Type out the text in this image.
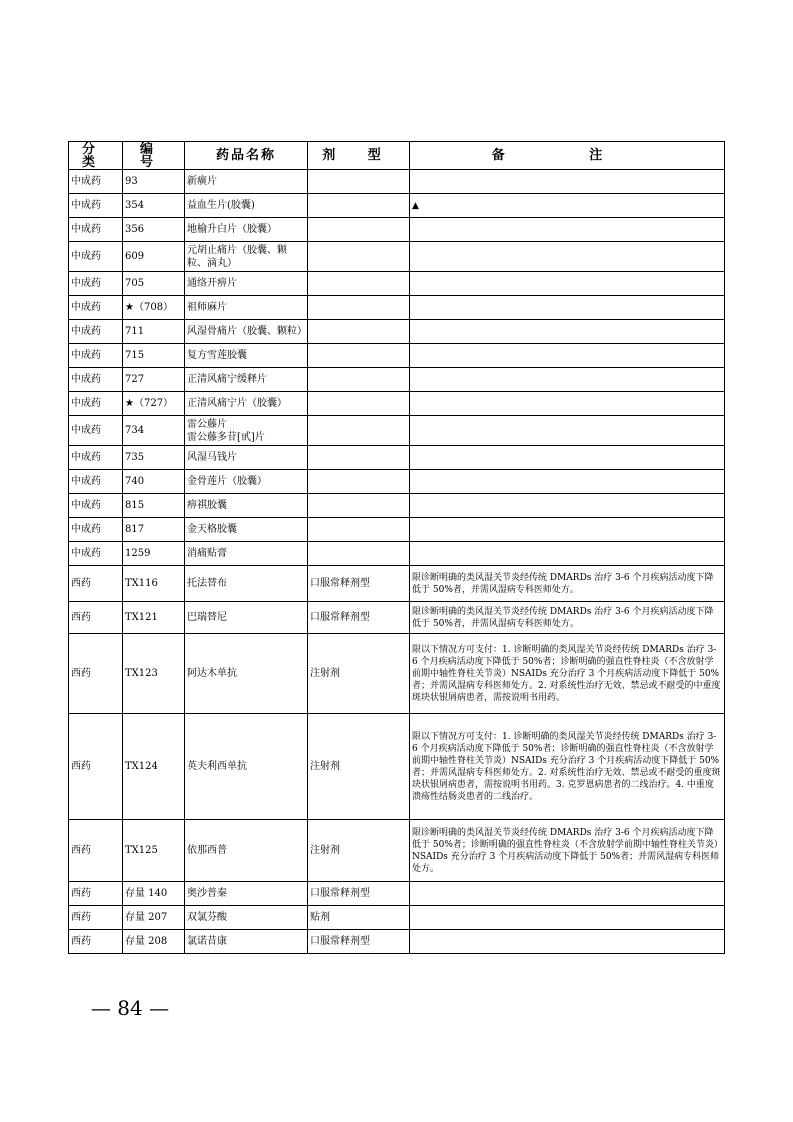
分 类	编 号	药品名称	剂 型	备 注
中成药	93	新癀片		
中成药	354	益血生片(胶囊)		▲
中成药	356	地榆升白片（胶囊）		
中成药	609	元胡止痛片（胶囊、颗粒、滴丸）		
中成药	705	通络开痹片		
中成药	★（708）	祖师麻片		
中成药	711	风湿骨痛片（胶囊、颗粒）		
中成药	715	复方雪莲胶囊		
中成药	727	正清风痛宁缓释片		
中成药	★（727）	正清风痛宁片（胶囊）		
中成药	734	雷公藤片
雷公藤多苷[甙]片		
中成药	735	风湿马钱片		
中成药	740	金骨莲片（胶囊）		
中成药	815	痹祺胶囊		
中成药	817	金天格胶囊		
中成药	1259	消痛贴膏		
西药	TX116	托法替布	口服常释剂型	限诊断明确的类风湿关节炎经传统 DMARDs 治疗 3-6 个月疾病活动度下降低于 50%者，并需风湿病专科医师处方。
西药	TX121	巴瑞替尼	口服常释剂型	限诊断明确的类风湿关节炎经传统 DMARDs 治疗 3-6 个月疾病活动度下降低于 50%者，并需风湿病专科医师处方。
西药	TX123	阿达木单抗	注射剂	限以下情况方可支付：1. 诊断明确的类风湿关节炎经传统 DMARDs 治疗 3-6 个月疾病活动度下降低于 50%者；诊断明确的强直性脊柱炎（不含放射学前期中轴性脊柱关节炎）NSAIDs 充分治疗 3 个月疾病活动度下降低于 50%者；并需风湿病专科医师处方。2. 对系统性治疗无效、禁忌或不耐受的中重度斑块状银屑病患者，需按说明书用药。
西药	TX124	英夫利西单抗	注射剂	限以下情况方可支付：1. 诊断明确的类风湿关节炎经传统 DMARDs 治疗 3-6 个月疾病活动度下降低于 50%者；诊断明确的强直性脊柱炎（不含放射学前期中轴性脊柱关节炎）NSAIDs 充分治疗 3 个月疾病活动度下降低于 50%者；并需风湿病专科医师处方。2. 对系统性治疗无效、禁忌或不耐受的重度斑块状银屑病患者，需按说明书用药。3. 克罗恩病患者的二线治疗。4. 中重度溃疡性结肠炎患者的二线治疗。
西药	TX125	依那西普	注射剂	限诊断明确的类风湿关节炎经传统 DMARDs 治疗 3-6 个月疾病活动度下降低于 50%者；诊断明确的强直性脊柱炎（不含放射学前期中轴性脊柱关节炎）NSAIDs 充分治疗 3 个月疾病活动度下降低于 50%者；并需风湿病专科医师处方。
西药	存量 140	奥沙普秦	口服常释剂型	
西药	存量 207	双氯芬酸	贴剂	
西药	存量 208	氯诺昔康	口服常释剂型	
— 84 —
